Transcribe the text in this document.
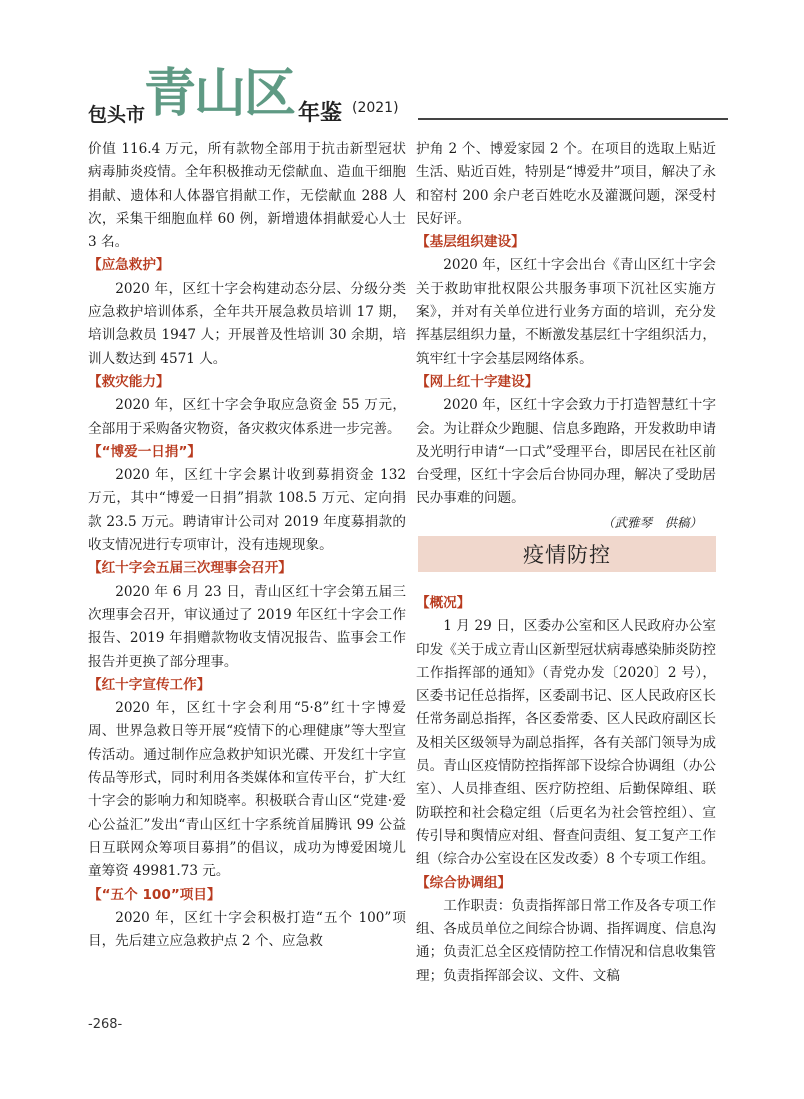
包头市
青山区 年鉴 (2021)

价值 116.4 万元，所有款物全部用于抗击新型冠状病毒肺炎疫情。全年积极推动无偿献血、造血干细胞捐献、遗体和人体器官捐献工作，无偿献血 288 人次，采集干细胞血样 60 例，新增遗体捐献爱心人士 3 名。

【应急救护】

2020 年，区红十字会构建动态分层、分级分类应急救护培训体系，全年共开展急救员培训 17 期，培训急救员 1947 人；开展普及性培训 30 余期，培训人数达到 4571 人。

【救灾能力】

2020 年，区红十字会争取应急资金 55 万元，全部用于采购备灾物资，备灾救灾体系进一步完善。

【“博爱一日捐”】

2020 年，区红十字会累计收到募捐资金 132 万元，其中“博爱一日捐”捐款 108.5 万元、定向捐款 23.5 万元。聘请审计公司对 2019 年度募捐款的收支情况进行专项审计，没有违规现象。

【红十字会五届三次理事会召开】

2020 年 6 月 23 日，青山区红十字会第五届三次理事会召开，审议通过了 2019 年区红十字会工作报告、2019 年捐赠款物收支情况报告、监事会工作报告并更换了部分理事。

【红十字宣传工作】

2020 年，区红十字会利用“5·8”红十字博爱周、世界急救日等开展“疫情下的心理健康”等大型宣传活动。通过制作应急救护知识光碟、开发红十字宣传品等形式，同时利用各类媒体和宣传平台，扩大红十字会的影响力和知晓率。积极联合青山区“党建·爱心公益汇”发出“青山区红十字系统首届腾讯 99 公益日互联网众筹项目募捐”的倡议，成功为博爱困境儿童筹资 49981.73 元。

【“五个 100”项目】

2020 年，区红十字会积极打造“五个 100”项目，先后建立应急救护点 2 个、应急救

护角 2 个、博爱家园 2 个。在项目的选取上贴近生活、贴近百姓，特别是“博爱井”项目，解决了永和窑村 200 余户老百姓吃水及灌溉问题，深受村民好评。

【基层组织建设】

2020 年，区红十字会出台《青山区红十字会关于救助审批权限公共服务事项下沉社区实施方案》，并对有关单位进行业务方面的培训，充分发挥基层组织力量，不断激发基层红十字组织活力，筑牢红十字会基层网络体系。

【网上红十字建设】

2020 年，区红十字会致力于打造智慧红十字会。为让群众少跑腿、信息多跑路，开发救助申请及光明行申请“一口式”受理平台，即居民在社区前台受理，区红十字会后台协同办理，解决了受助居民办事难的问题。

（武雅琴　供稿）

疫情防控

【概况】

1 月 29 日，区委办公室和区人民政府办公室印发《关于成立青山区新型冠状病毒感染肺炎防控工作指挥部的通知》（青党办发〔2020〕2 号），区委书记任总指挥，区委副书记、区人民政府区长任常务副总指挥，各区委常委、区人民政府副区长及相关区级领导为副总指挥，各有关部门领导为成员。青山区疫情防控指挥部下设综合协调组（办公室）、人员排查组、医疗防控组、后勤保障组、联防联控和社会稳定组（后更名为社会管控组）、宣传引导和舆情应对组、督查问责组、复工复产工作组（综合办公室设在区发改委）8 个专项工作组。

【综合协调组】

工作职责：负责指挥部日常工作及各专项工作组、各成员单位之间综合协调、指挥调度、信息沟通；负责汇总全区疫情防控工作情况和信息收集管理；负责指挥部会议、文件、文稿

-268-
